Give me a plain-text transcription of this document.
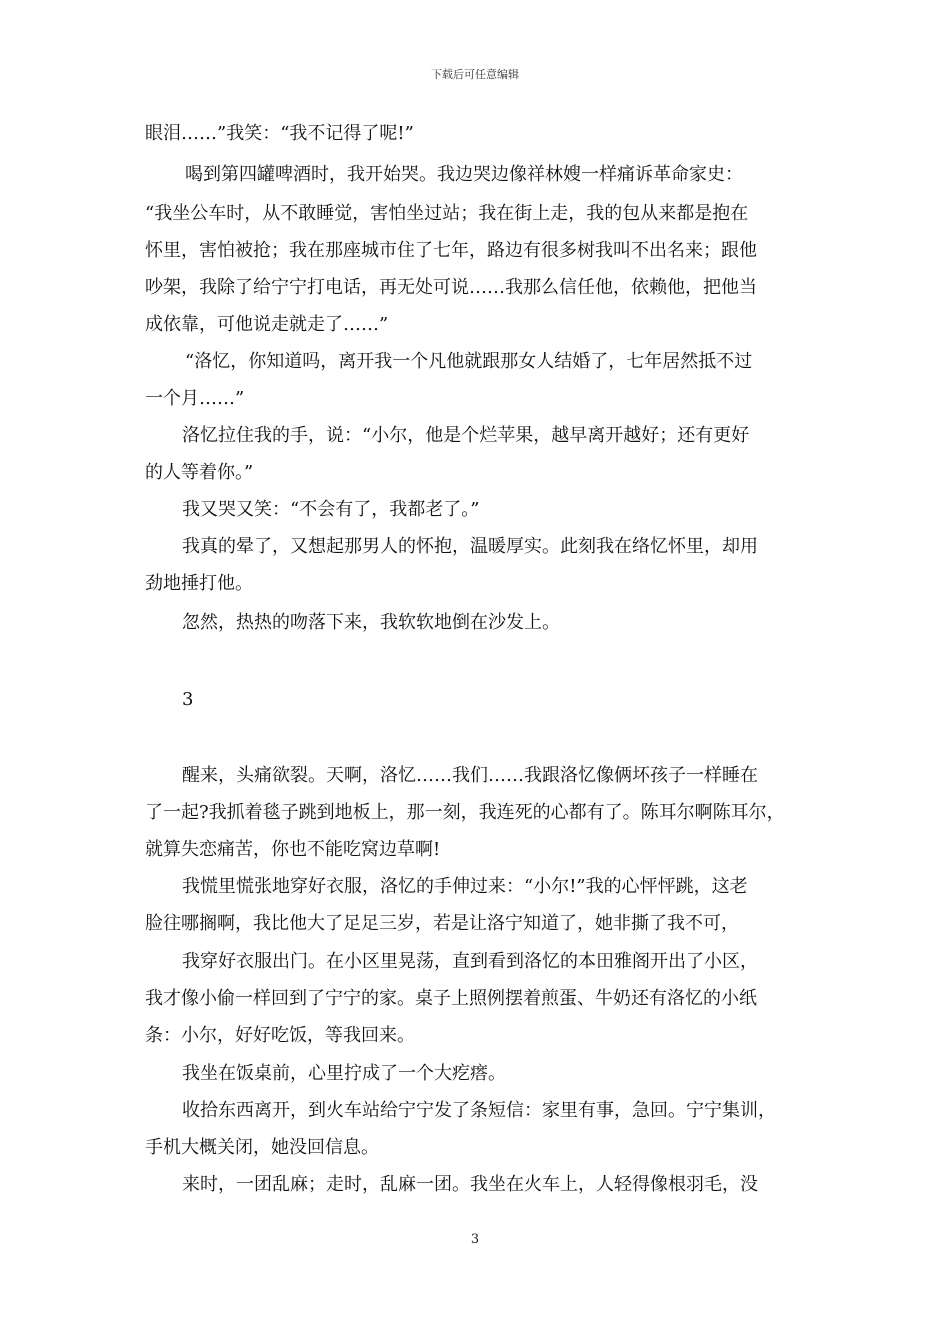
下载后可任意编辑
眼泪……”我笑：“我不记得了呢!”
喝到第四罐啤酒时，我开始哭。我边哭边像祥林嫂一样痛诉革命家史：
“我坐公车时，从不敢睡觉，害怕坐过站；我在街上走，我的包从来都是抱在
怀里，害怕被抢；我在那座城市住了七年，路边有很多树我叫不出名来；跟他
吵架，我除了给宁宁打电话，再无处可说……我那么信任他，依赖他，把他当
成依靠，可他说走就走了……”
“洛忆，你知道吗，离开我一个凡他就跟那女人结婚了，七年居然抵不过
一个月……”
洛忆拉住我的手，说：“小尔，他是个烂苹果，越早离开越好；还有更好
的人等着你。”
我又哭又笑：“不会有了，我都老了。”
我真的晕了，又想起那男人的怀抱，温暖厚实。此刻我在络忆怀里，却用
劲地捶打他。
忽然，热热的吻落下来，我软软地倒在沙发上。
3
醒来，头痛欲裂。天啊，洛忆……我们……我跟洛忆像俩坏孩子一样睡在
了一起?我抓着毯子跳到地板上，那一刻，我连死的心都有了。陈耳尔啊陈耳尔，
就算失恋痛苦，你也不能吃窝边草啊!
我慌里慌张地穿好衣服，洛忆的手伸过来：“小尔!”我的心怦怦跳，这老
脸往哪搁啊，我比他大了足足三岁，若是让洛宁知道了，她非撕了我不可，
我穿好衣服出门。在小区里晃荡，直到看到洛忆的本田雅阁开出了小区，
我才像小偷一样回到了宁宁的家。桌子上照例摆着煎蛋、牛奶还有洛忆的小纸
条：小尔，好好吃饭，等我回来。
我坐在饭桌前，心里拧成了一个大疙瘩。
收拾东西离开，到火车站给宁宁发了条短信：家里有事，急回。宁宁集训，
手机大概关闭，她没回信息。
来时，一团乱麻；走时，乱麻一团。我坐在火车上，人轻得像根羽毛，没
3
